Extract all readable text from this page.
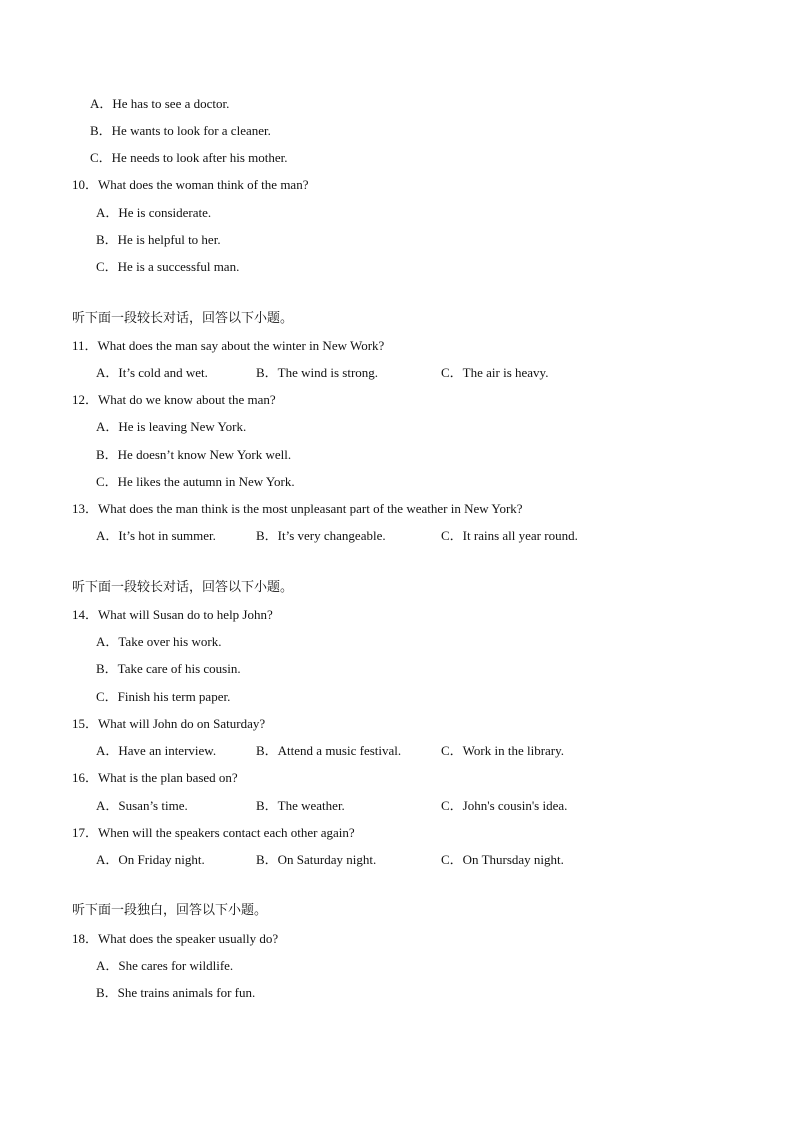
A．He has to see a doctor.
B．He wants to look for a cleaner.
C．He needs to look after his mother.
10．What does the woman think of the man?
A．He is considerate.
B．He is helpful to her.
C．He is a successful man.
听下面一段较长对话，回答以下小题。
11．What does the man say about the winter in New Work?
A．It’s cold and wet.	B．The wind is strong.	C．The air is heavy.
12．What do we know about the man?
A．He is leaving New York.
B．He doesn’t know New York well.
C．He likes the autumn in New York.
13．What does the man think is the most unpleasant part of the weather in New York?
A．It’s hot in summer.	B．It’s very changeable.	C．It rains all year round.
听下面一段较长对话，回答以下小题。
14．What will Susan do to help John?
A．Take over his work.
B．Take care of his cousin.
C．Finish his term paper.
15．What will John do on Saturday?
A．Have an interview.	B．Attend a music festival.	C．Work in the library.
16．What is the plan based on?
A．Susan’s time.	B．The weather.	C．John's cousin's idea.
17．When will the speakers contact each other again?
A．On Friday night.	B．On Saturday night.	C．On Thursday night.
听下面一段独白，回答以下小题。
18．What does the speaker usually do?
A．She cares for wildlife.
B．She trains animals for fun.
